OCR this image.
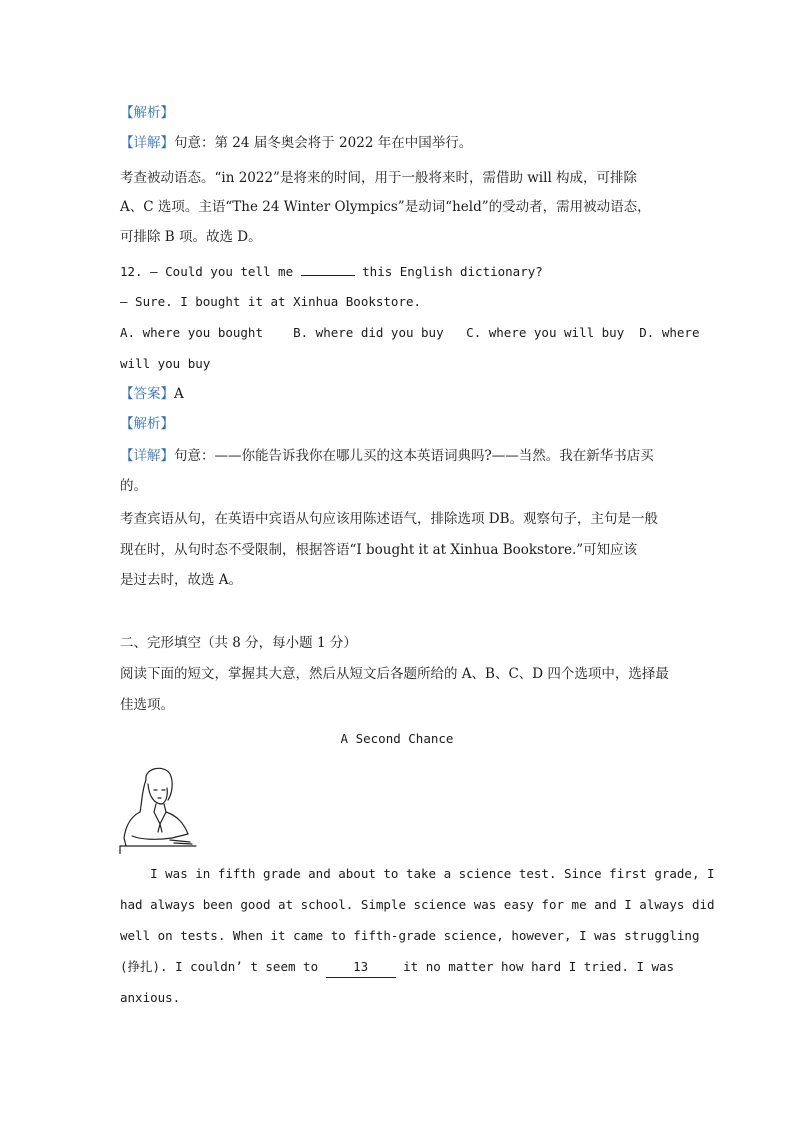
【解析】
【详解】句意：第 24 届冬奥会将于 2022 年在中国举行。
考查被动语态。“in 2022”是将来的时间，用于一般将来时，需借助 will 构成，可排除
A、C 选项。主语“The 24 Winter Olympics”是动词“held”的受动者，需用被动语态，
可排除 B 项。故选 D。
12. — Could you tell me	this English dictionary?
— Sure. I bought it at Xinhua Bookstore.
A. where you bought    B. where did you buy   C. where you will buy  D. where
will you buy
【答案】A
【解析】
【详解】句意：——你能告诉我你在哪儿买的这本英语词典吗?——当然。我在新华书店买
的。
考查宾语从句，在英语中宾语从句应该用陈述语气，排除选项 DB。观察句子，主句是一般
现在时，从句时态不受限制，根据答语“I bought it at Xinhua Bookstore.”可知应该
是过去时，故选 A。
二、完形填空（共 8 分，每小题 1 分）
阅读下面的短文，掌握其大意，然后从短文后各题所给的 A、B、C、D 四个选项中，选择最
佳选项。
A Second Chance
I was in fifth grade and about to take a science test. Since first grade, I
had always been good at school. Simple science was easy for me and I always did
well on tests. When it came to fifth-grade science, however, I was struggling
(挣扎). I couldn’ t seem to	13	it no matter how hard I tried. I was
anxious.
